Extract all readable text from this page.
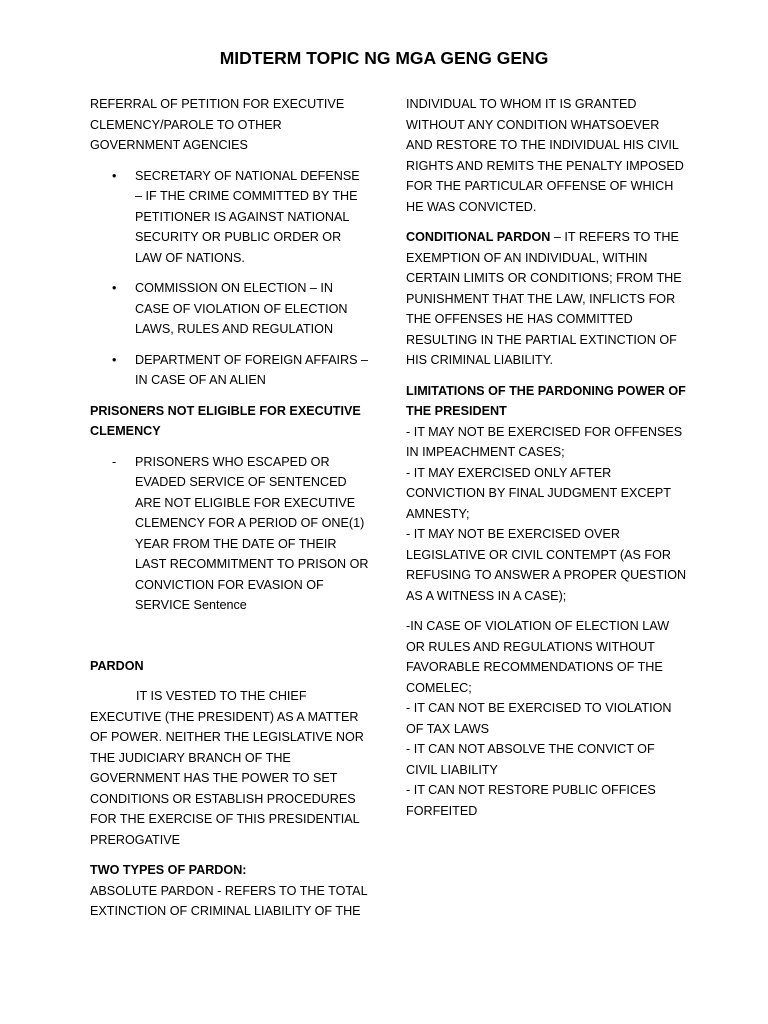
MIDTERM TOPIC NG MGA GENG GENG

REFERRAL OF PETITION FOR EXECUTIVE CLEMENCY/PAROLE TO OTHER GOVERNMENT AGENCIES

• SECRETARY OF NATIONAL DEFENSE – IF THE CRIME COMMITTED BY THE PETITIONER IS AGAINST NATIONAL SECURITY OR PUBLIC ORDER OR LAW OF NATIONS.
• COMMISSION ON ELECTION – IN CASE OF VIOLATION OF ELECTION LAWS, RULES AND REGULATION
• DEPARTMENT OF FOREIGN AFFAIRS – IN CASE OF AN ALIEN

PRISONERS NOT ELIGIBLE FOR EXECUTIVE CLEMENCY

- PRISONERS WHO ESCAPED OR EVADED SERVICE OF SENTENCED ARE NOT ELIGIBLE FOR EXECUTIVE CLEMENCY FOR A PERIOD OF ONE(1) YEAR FROM THE DATE OF THEIR LAST RECOMMITMENT TO PRISON OR CONVICTION FOR EVASION OF SERVICE Sentence

PARDON

IT IS VESTED TO THE CHIEF EXECUTIVE (THE PRESIDENT) AS A MATTER OF POWER. NEITHER THE LEGISLATIVE NOR THE JUDICIARY BRANCH OF THE GOVERNMENT HAS THE POWER TO SET CONDITIONS OR ESTABLISH PROCEDURES FOR THE EXERCISE OF THIS PRESIDENTIAL PREROGATIVE

TWO TYPES OF PARDON:
ABSOLUTE PARDON - REFERS TO THE TOTAL EXTINCTION OF CRIMINAL LIABILITY OF THE

INDIVIDUAL TO WHOM IT IS GRANTED WITHOUT ANY CONDITION WHATSOEVER AND RESTORE TO THE INDIVIDUAL HIS CIVIL RIGHTS AND REMITS THE PENALTY IMPOSED FOR THE PARTICULAR OFFENSE OF WHICH HE WAS CONVICTED.

CONDITIONAL PARDON – IT REFERS TO THE EXEMPTION OF AN INDIVIDUAL, WITHIN CERTAIN LIMITS OR CONDITIONS; FROM THE PUNISHMENT THAT THE LAW, INFLICTS FOR THE OFFENSES HE HAS COMMITTED RESULTING IN THE PARTIAL EXTINCTION OF HIS CRIMINAL LIABILITY.

LIMITATIONS OF THE PARDONING POWER OF THE PRESIDENT
- IT MAY NOT BE EXERCISED FOR OFFENSES IN IMPEACHMENT CASES;
- IT MAY EXERCISED ONLY AFTER CONVICTION BY FINAL JUDGMENT EXCEPT AMNESTY;
- IT MAY NOT BE EXERCISED OVER LEGISLATIVE OR CIVIL CONTEMPT (AS FOR REFUSING TO ANSWER A PROPER QUESTION AS A WITNESS IN A CASE);

-IN CASE OF VIOLATION OF ELECTION LAW OR RULES AND REGULATIONS WITHOUT FAVORABLE RECOMMENDATIONS OF THE COMELEC;
- IT CAN NOT BE EXERCISED TO VIOLATION OF TAX LAWS
- IT CAN NOT ABSOLVE THE CONVICT OF CIVIL LIABILITY
- IT CAN NOT RESTORE PUBLIC OFFICES FORFEITED
